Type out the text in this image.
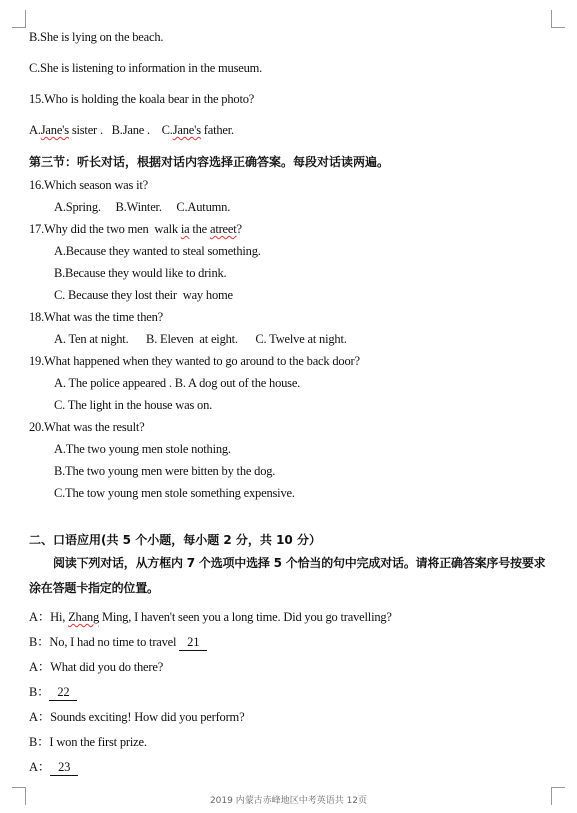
B.She is lying on the beach.
C.She is listening to information in the museum.
15.Who is holding the koala bear in the photo?
A.Jane's sister .   B.Jane .    C.Jane's father.
第三节：听长对话，根据对话内容选择正确答案。每段对话读两遍。
16.Which season was it?
A.Spring.     B.Winter.     C.Autumn.
17.Why did the two men  walk ia the atreet?
A.Because they wanted to steal something.
B.Because they would like to drink.
C. Because they lost their  way home
18.What was the time then?
A. Ten at night.      B. Eleven  at eight.      C. Twelve at night.
19.What happened when they wanted to go around to the back door?
A. The police appeared . B. A dog out of the house.
C. The light in the house was on.
20.What was the result?
A.The two young men stole nothing.
B.The two young men were bitten by the dog.
C.The tow young men stole something expensive.
二、口语应用(共 5 个小题，每小题 2 分，共 10 分）
阅读下列对话，从方框内 7 个选项中选择 5 个恰当的句中完成对话。请将正确答案序号按要求涂在答题卡指定的位置。
A：Hi, Zhang Ming, I haven't seen you a long time. Did you go travelling?
B：No, I had no time to travel 21
A：What did you do there?
B： 22
A：Sounds exciting! How did you perform?
B：I won the first prize.
A： 23
2019 内蒙古赤峰地区中考英语共 12页
